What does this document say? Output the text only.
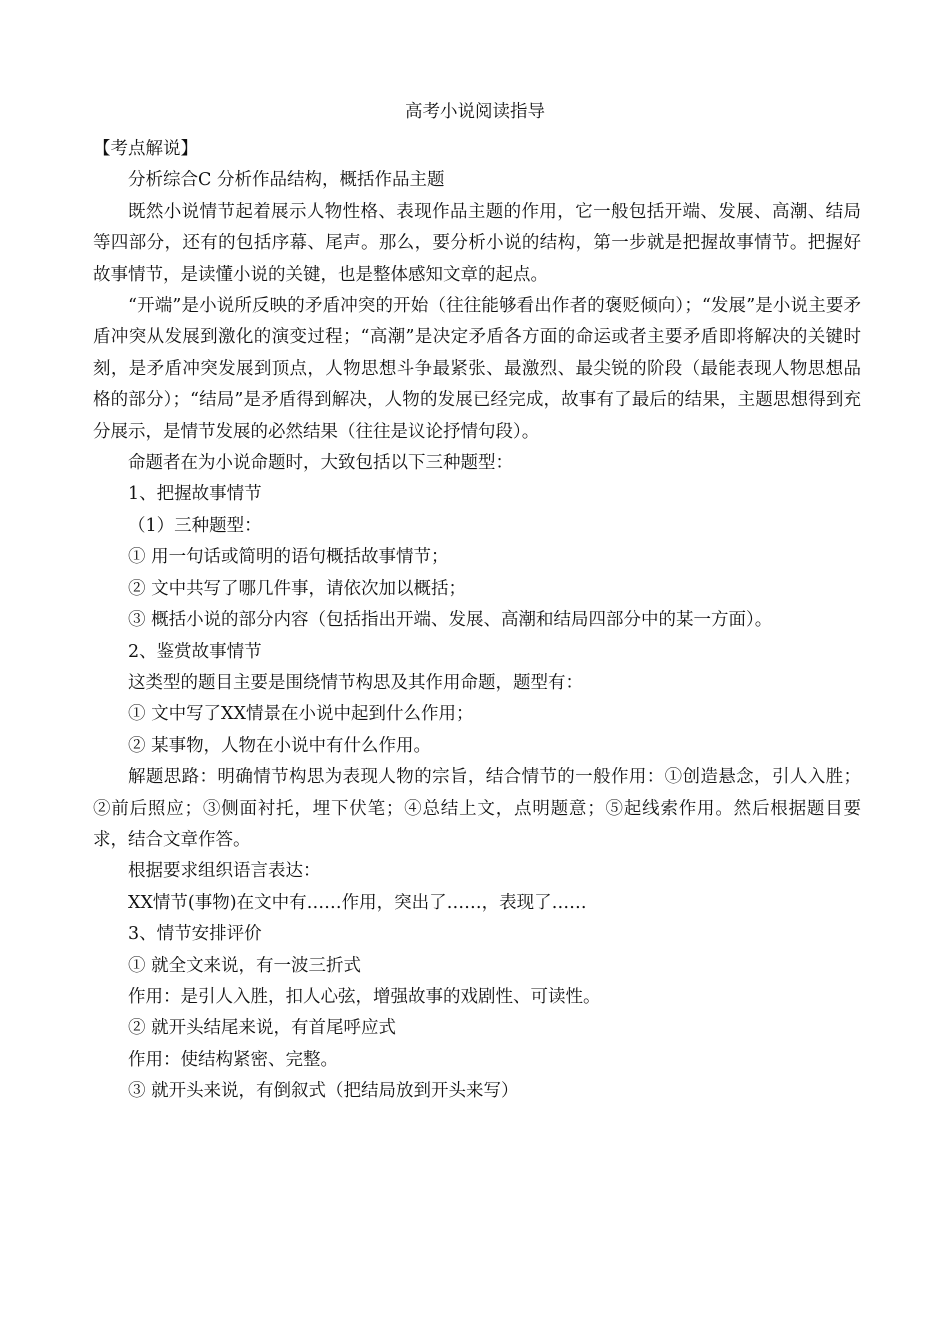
高考小说阅读指导

【考点解说】

分析综合C 分析作品结构，概括作品主题

既然小说情节起着展示人物性格、表现作品主题的作用，它一般包括开端、发展、高潮、结局等四部分，还有的包括序幕、尾声。那么，要分析小说的结构，第一步就是把握故事情节。把握好故事情节，是读懂小说的关键，也是整体感知文章的起点。

“开端”是小说所反映的矛盾冲突的开始（往往能够看出作者的褒贬倾向）；“发展”是小说主要矛盾冲突从发展到激化的演变过程；“高潮”是决定矛盾各方面的命运或者主要矛盾即将解决的关键时刻，是矛盾冲突发展到顶点，人物思想斗争最紧张、最激烈、最尖锐的阶段（最能表现人物思想品格的部分）；“结局”是矛盾得到解决，人物的发展已经完成，故事有了最后的结果，主题思想得到充分展示，是情节发展的必然结果（往往是议论抒情句段）。

命题者在为小说命题时，大致包括以下三种题型：

1、把握故事情节

（1）三种题型：

① 用一句话或简明的语句概括故事情节；

② 文中共写了哪几件事，请依次加以概括；

③ 概括小说的部分内容（包括指出开端、发展、高潮和结局四部分中的某一方面）。

2、鉴赏故事情节

这类型的题目主要是围绕情节构思及其作用命题，题型有：

① 文中写了XX情景在小说中起到什么作用；

② 某事物，人物在小说中有什么作用。

解题思路：明确情节构思为表现人物的宗旨，结合情节的一般作用：①创造悬念，引人入胜；②前后照应；③侧面衬托，埋下伏笔；④总结上文，点明题意；⑤起线索作用。然后根据题目要求，结合文章作答。

根据要求组织语言表达：

XX情节(事物)在文中有……作用，突出了……，表现了……

3、情节安排评价

① 就全文来说，有一波三折式

作用：是引人入胜，扣人心弦，增强故事的戏剧性、可读性。

② 就开头结尾来说，有首尾呼应式

作用：使结构紧密、完整。

③ 就开头来说，有倒叙式（把结局放到开头来写）
